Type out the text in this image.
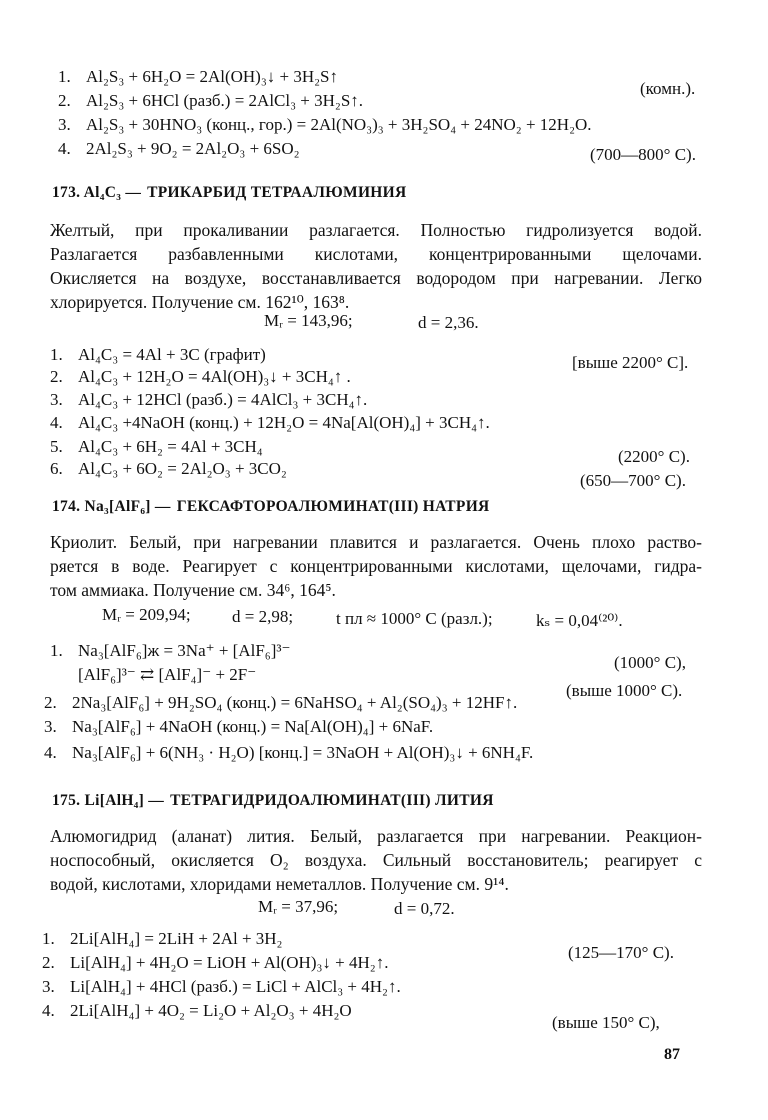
1. Al₂S₃ + 6H₂O = 2Al(OH)₃↓ + 3H₂S↑
(комн.).
2. Al₂S₃ + 6HCl (разб.) = 2AlCl₃ + 3H₂S↑.
3. Al₂S₃ + 30HNO₃ (конц., гор.) = 2Al(NO₃)₃ + 3H₂SO₄ + 24NO₂ + 12H₂O.
4. 2Al₂S₃ + 9O₂ = 2Al₂O₃ + 6SO₂	(700—800° С).
173. Al₄C₃ — ТРИКАРБИД ТЕТРААЛЮМИНИЯ
Желтый, при прокаливании разлагается. Полностью гидролизуется водой.
Разлагается разбавленными кислотами, концентрированными щелочами.
Окисляется на воздухе, восстанавливается водородом при нагревании. Легко
хлорируется. Получение см. 162¹⁰, 163⁸.
Mᵣ = 143,96;	d = 2,36.
1. Al₄C₃ = 4Al + 3C (графит)	[выше 2200° С].
2. Al₄C₃ + 12H₂O = 4Al(OH)₃↓ + 3CH₄↑ .
3. Al₄C₃ + 12HCl (разб.) = 4AlCl₃ + 3CH₄↑.
4. Al₄C₃ +4NaOH (конц.) + 12H₂O = 4Na[Al(OH)₄] + 3CH₄↑.
5. Al₄C₃ + 6H₂ = 4Al + 3CH₄
(2200° С).
6. Al₄C₃ + 6O₂ = 2Al₂O₃ + 3CO₂
(650—700° С).
174. Na₃[AlF₆] — ГЕКСАФТОРОАЛЮМИНАТ(III) НАТРИЯ
Криолит. Белый, при нагревании плавится и разлагается. Очень плохо раство-
ряется в воде. Реагирует с концентрированными кислотами, щелочами, гидра-
том аммиака. Получение см. 34⁶, 164⁵.
Mᵣ = 209,94; d = 2,98;	t пл ≈ 1000° С (разл.);	kₛ = 0,04⁽²⁰⁾.
1. Na₃[AlF₆]ж = 3Na⁺ + [AlF₆]³⁻
[AlF₆]³⁻ ⇄ [AlF₄]⁻ + 2F⁻
(1000° С),
(выше 1000° С).
2. 2Na₃[AlF₆] + 9H₂SO₄ (конц.) = 6NaHSO₄ + Al₂(SO₄)₃ + 12HF↑.
3. Na₃[AlF₆] + 4NaOH (конц.) = Na[Al(OH)₄] + 6NaF.
4. Na₃[AlF₆] + 6(NH₃ · H₂O) [конц.] = 3NaOH + Al(OH)₃↓ + 6NH₄F.
175. Li[AlH₄] — ТЕТРАГИДРИДОАЛЮМИНАТ(III) ЛИТИЯ
Алюмогидрид (аланат) лития. Белый, разлагается при нагревании. Реакцион-
носпособный, окисляется O₂ воздуха. Сильный восстановитель; реагирует с
водой, кислотами, хлоридами неметаллов. Получение см. 9¹⁴.
Mᵣ = 37,96;	d = 0,72.
1. 2Li[AlH₄] = 2LiH + 2Al + 3H₂
(125—170° С).
2. Li[AlH₄] + 4H₂O = LiOH + Al(OH)₃↓ + 4H₂↑.
3. Li[AlH₄] + 4HCl (разб.) = LiCl + AlCl₃ + 4H₂↑.
4. 2Li[AlH₄] + 4O₂ = Li₂O + Al₂O₃ + 4H₂O
(выше 150° С),
87
